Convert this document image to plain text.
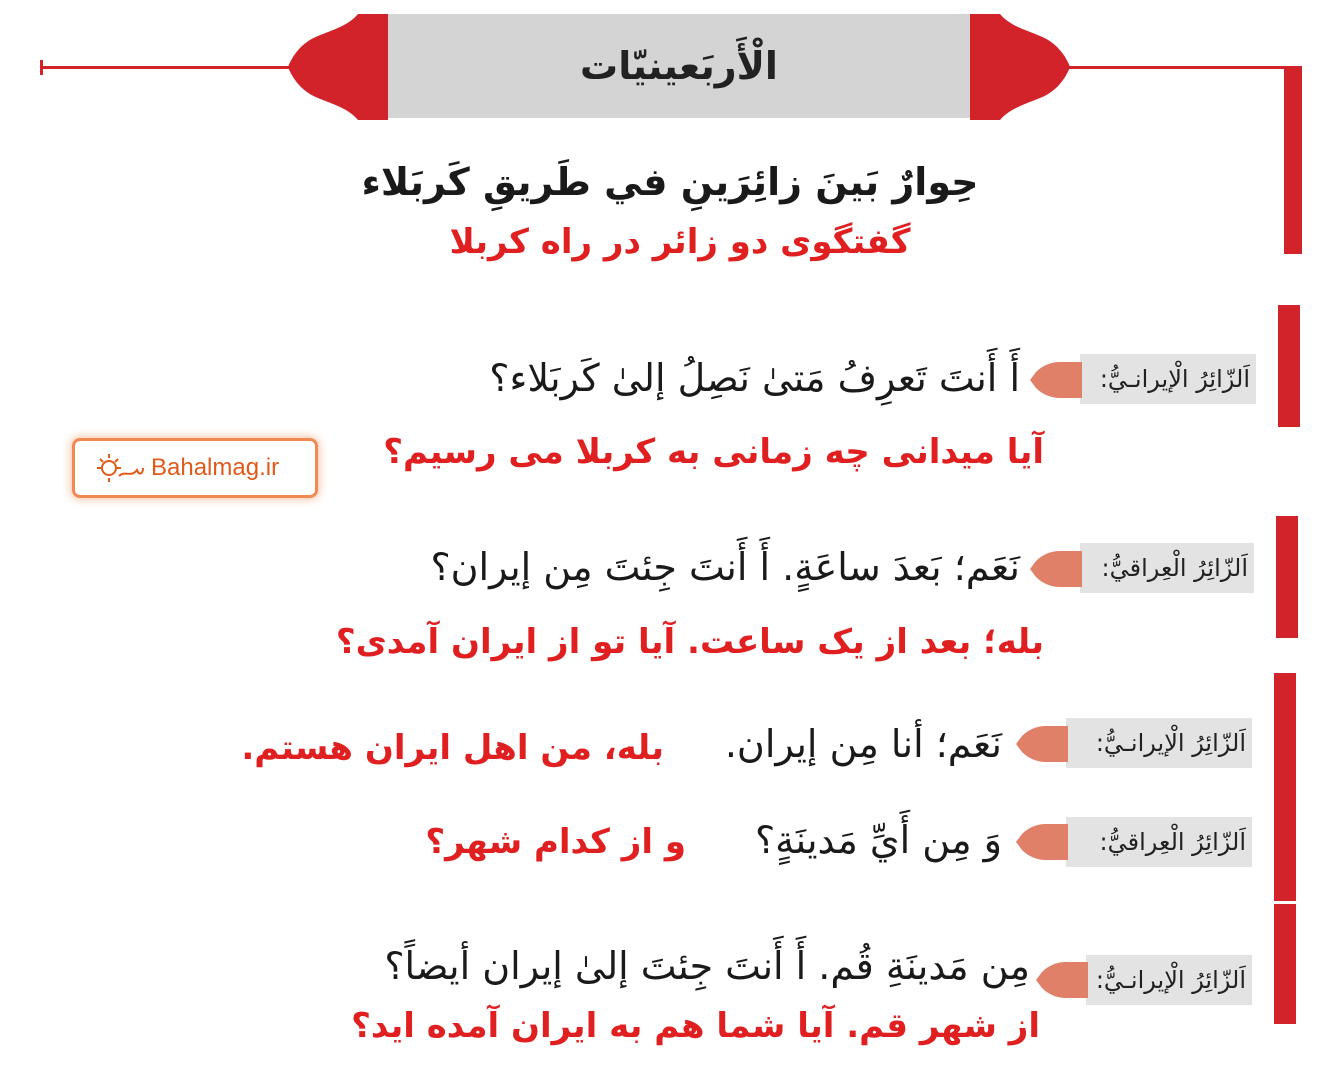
الْأَربَعينيّات
حِوارٌ بَينَ زائِرَينِ في طَريقِ كَربَلاء
گفتگوی دو زائر در راه کربلا
Bahalmag.ir
اَلزّائِرُ الْإيرانـيُّ:
أَ أَنتَ تَعرِفُ مَتىٰ نَصِلُ إلىٰ كَربَلاء؟
آیا میدانی چه زمانی به کربلا می رسیم؟
اَلزّائِرُ الْعِراقيُّ:
نَعَم؛ بَعدَ ساعَةٍ. أَ أَنتَ جِئتَ مِن إيران؟
بله؛ بعد از یک ساعت. آیا تو از ایران آمدی؟
اَلزّائِرُ الْإيرانـيُّ:
نَعَم؛ أنا مِن إيران.
بله، من اهل ایران هستم.
اَلزّائِرُ الْعِراقيُّ:
وَ مِن أَيِّ مَدينَةٍ؟
و از کدام شهر؟
اَلزّائِرُ الْإيرانـيُّ:
مِن مَدينَةِ قُم. أَ أَنتَ جِئتَ إلىٰ إيران أيضاً؟
از شهر قم. آیا شما هم به ایران آمده اید؟
